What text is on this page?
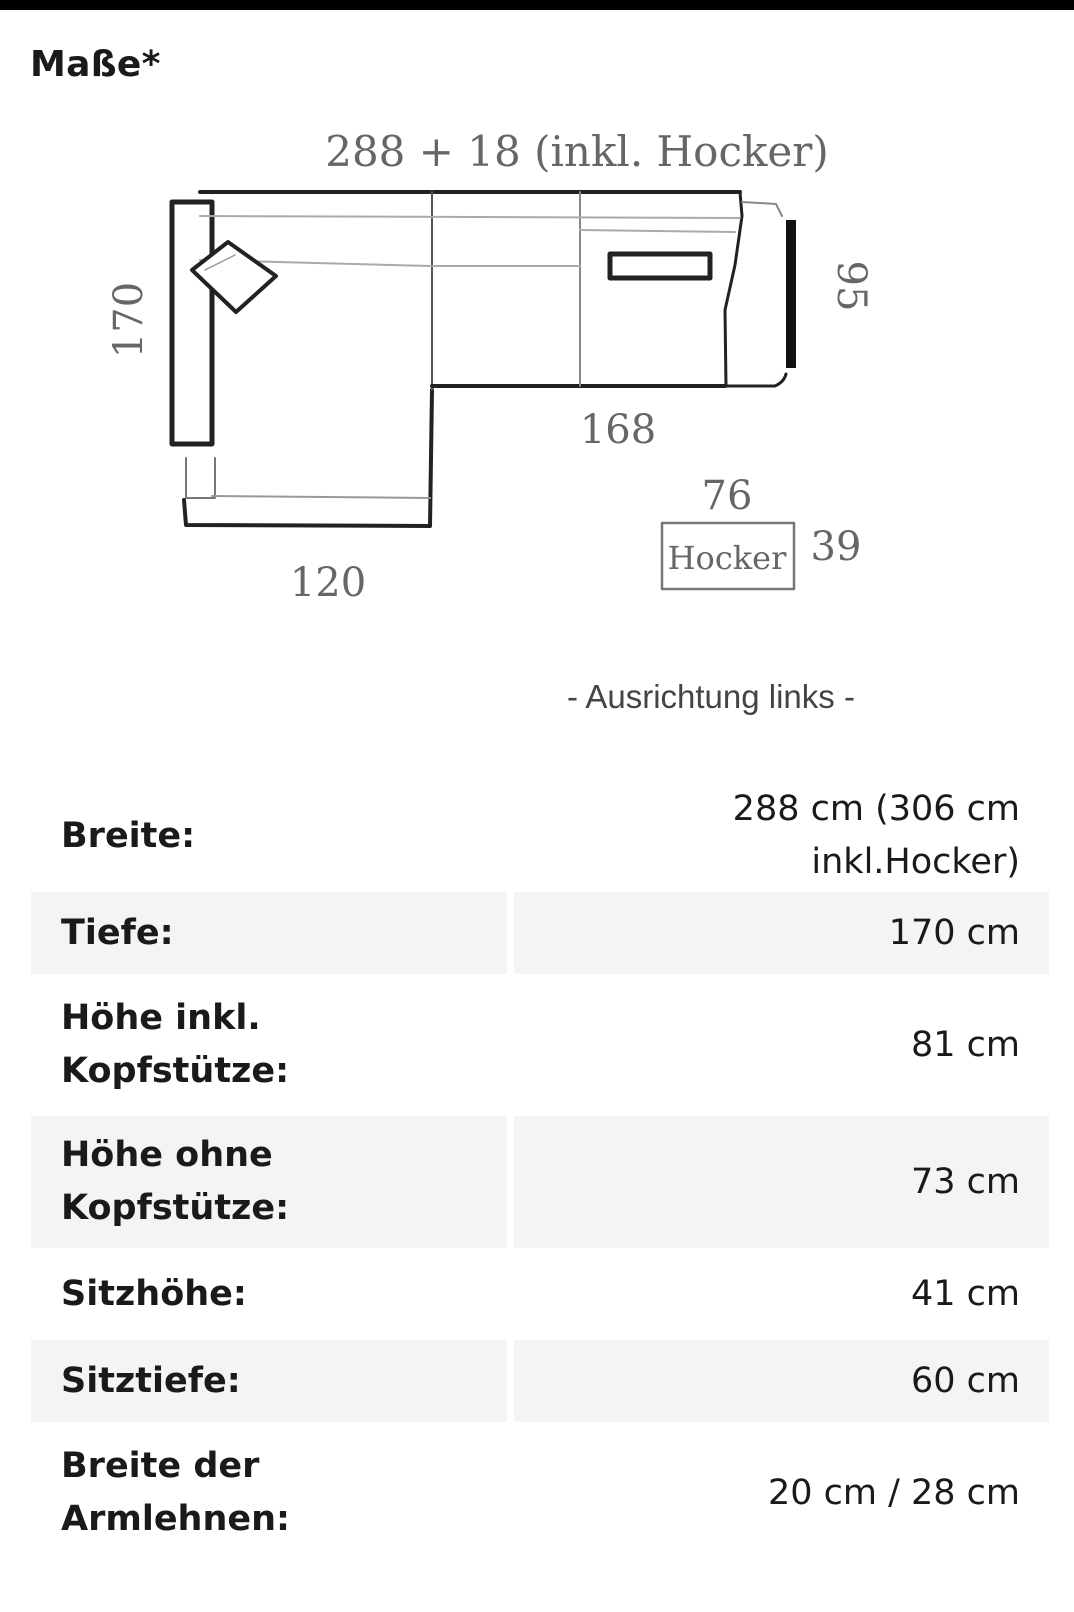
Maße*
288 + 18 (inkl. Hocker)
Hocker
170	95
168
120
76
39
- Ausrichtung links -
Breite:	288 cm (306 cm
inkl.Hocker)

Tiefe:	170 cm

Höhe inkl.
Kopfstütze:	81 cm

Höhe ohne
Kopfstütze:	73 cm

Sitzhöhe:	41 cm

Sitztiefe:	60 cm

Breite der
Armlehnen:	20 cm / 28 cm
